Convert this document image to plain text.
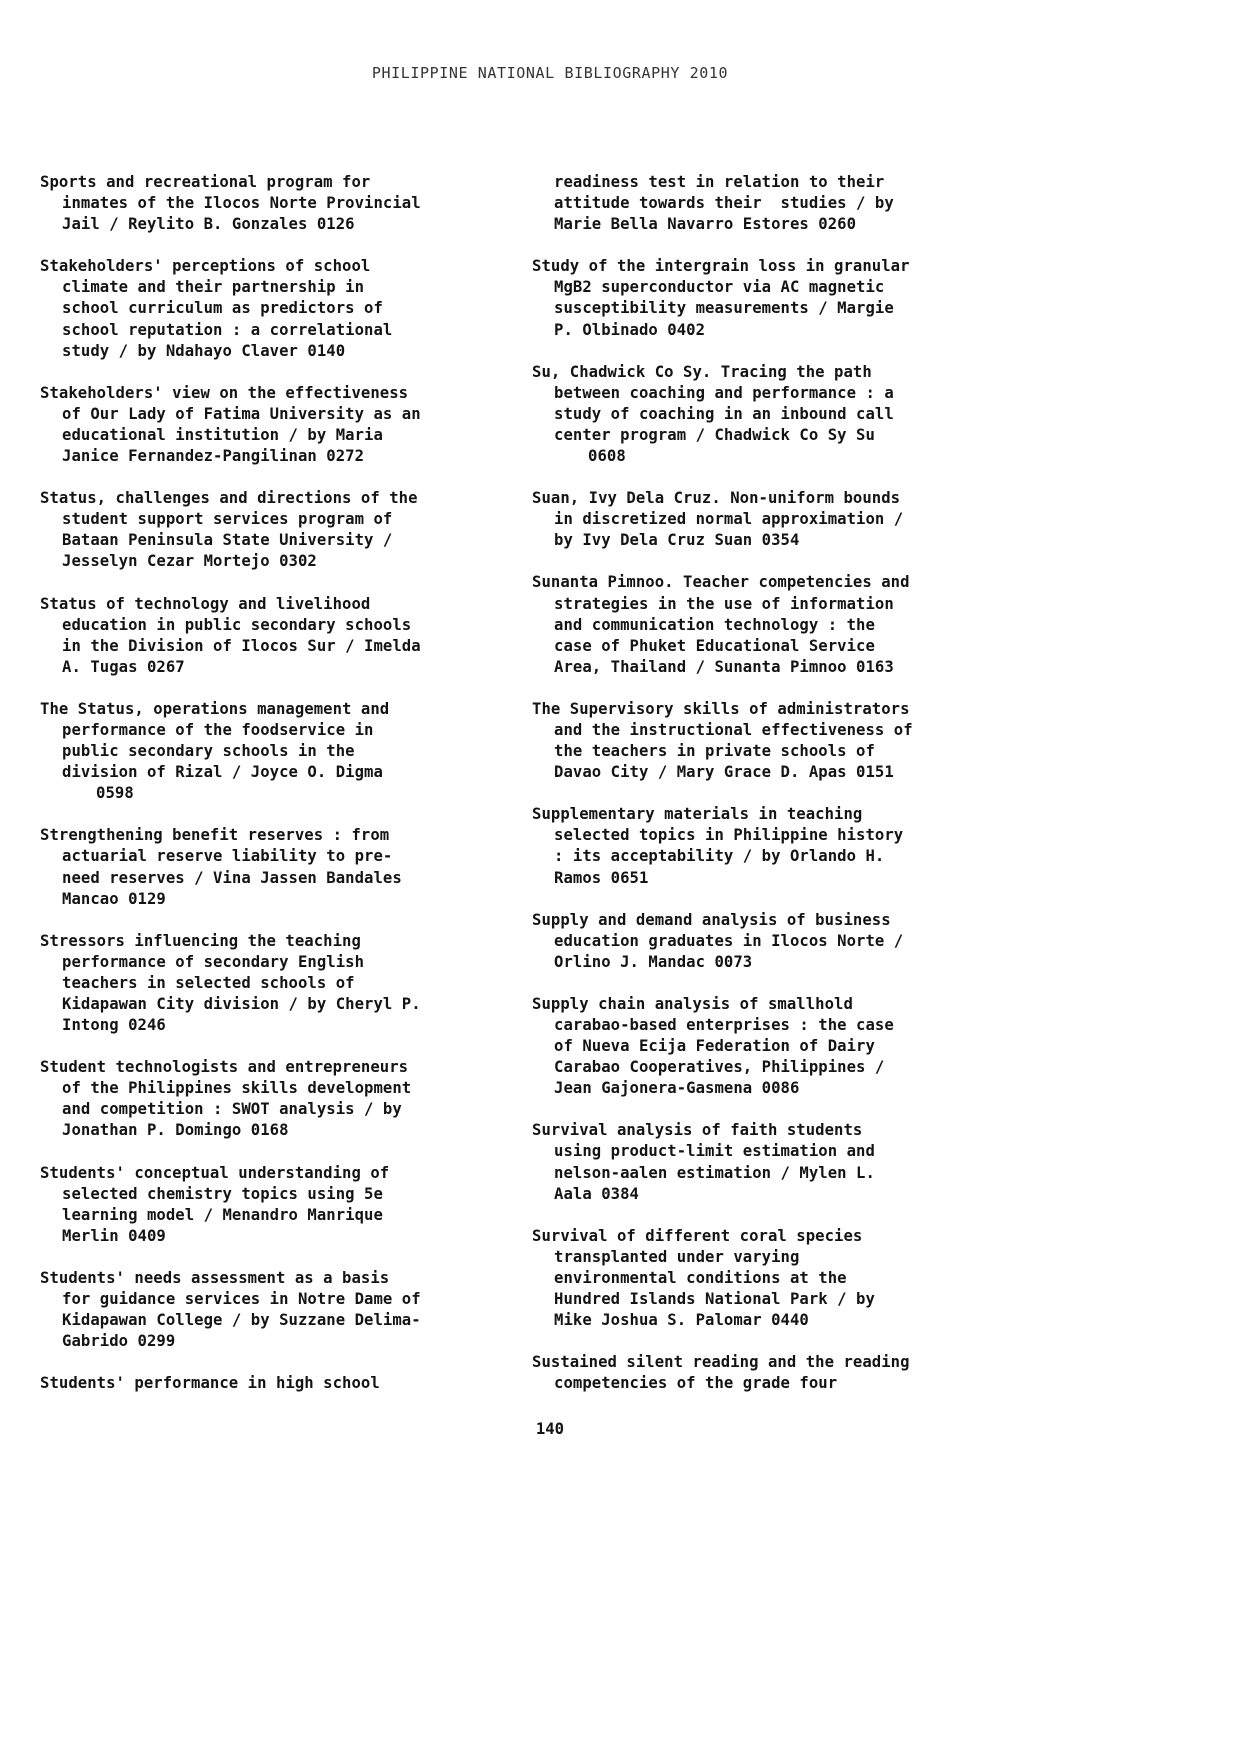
PHILIPPINE NATIONAL BIBLIOGRAPHY 2010
Sports and recreational program for
inmates of the Ilocos Norte Provincial
Jail / Reylito B. Gonzales 0126
Stakeholders' perceptions of school
climate and their partnership in
school curriculum as predictors of
school reputation : a correlational
study / by Ndahayo Claver 0140
Stakeholders' view on the effectiveness
of Our Lady of Fatima University as an
educational institution / by Maria
Janice Fernandez-Pangilinan 0272
Status, challenges and directions of the
student support services program of
Bataan Peninsula State University /
Jesselyn Cezar Mortejo 0302
Status of technology and livelihood
education in public secondary schools
in the Division of Ilocos Sur / Imelda
A. Tugas 0267
The Status, operations management and
performance of the foodservice in
public secondary schools in the
division of Rizal / Joyce O. Digma
0598
Strengthening benefit reserves : from
actuarial reserve liability to pre-
need reserves / Vina Jassen Bandales
Mancao 0129
Stressors influencing the teaching
performance of secondary English
teachers in selected schools of
Kidapawan City division / by Cheryl P.
Intong 0246
Student technologists and entrepreneurs
of the Philippines skills development
and competition : SWOT analysis / by
Jonathan P. Domingo 0168
Students' conceptual understanding of
selected chemistry topics using 5e
learning model / Menandro Manrique
Merlin 0409
Students' needs assessment as a basis
for guidance services in Notre Dame of
Kidapawan College / by Suzzane Delima-
Gabrido 0299
Students' performance in high school
readiness test in relation to their
attitude towards their  studies / by
Marie Bella Navarro Estores 0260
Study of the intergrain loss in granular
MgB2 superconductor via AC magnetic
susceptibility measurements / Margie
P. Olbinado 0402
Su, Chadwick Co Sy. Tracing the path
between coaching and performance : a
study of coaching in an inbound call
center program / Chadwick Co Sy Su
0608
Suan, Ivy Dela Cruz. Non-uniform bounds
in discretized normal approximation /
by Ivy Dela Cruz Suan 0354
Sunanta Pimnoo. Teacher competencies and
strategies in the use of information
and communication technology : the
case of Phuket Educational Service
Area, Thailand / Sunanta Pimnoo 0163
The Supervisory skills of administrators
and the instructional effectiveness of
the teachers in private schools of
Davao City / Mary Grace D. Apas 0151
Supplementary materials in teaching
selected topics in Philippine history
: its acceptability / by Orlando H.
Ramos 0651
Supply and demand analysis of business
education graduates in Ilocos Norte /
Orlino J. Mandac 0073
Supply chain analysis of smallhold
carabao-based enterprises : the case
of Nueva Ecija Federation of Dairy
Carabao Cooperatives, Philippines /
Jean Gajonera-Gasmena 0086
Survival analysis of faith students
using product-limit estimation and
nelson-aalen estimation / Mylen L.
Aala 0384
Survival of different coral species
transplanted under varying
environmental conditions at the
Hundred Islands National Park / by
Mike Joshua S. Palomar 0440
Sustained silent reading and the reading
competencies of the grade four
140
